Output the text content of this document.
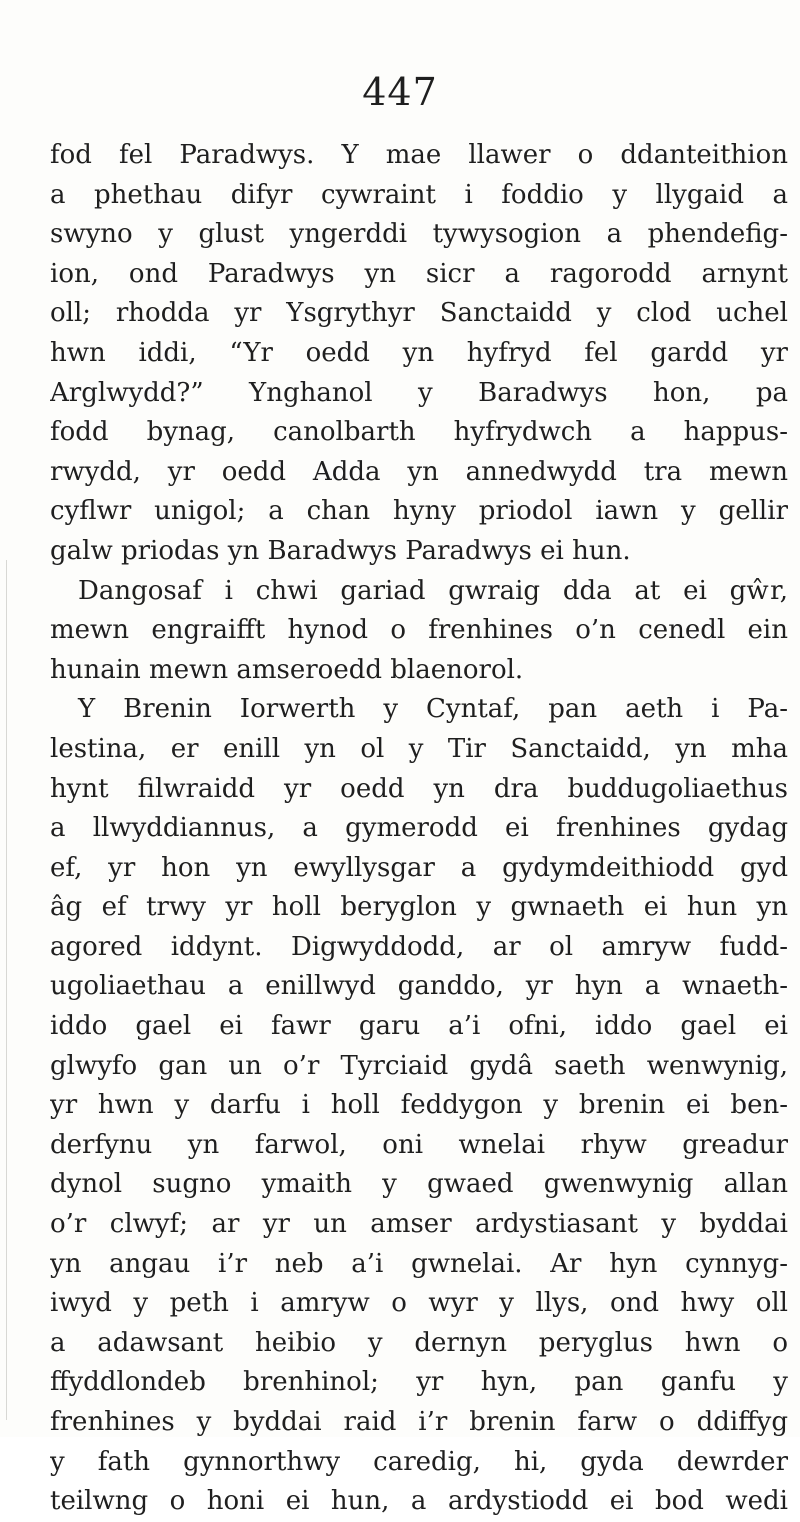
447
fod fel Paradwys. Y mae llawer o ddanteithion
a phethau difyr cywraint i foddio y llygaid a
swyno y glust yngerddi tywysogion a phendefig-
ion, ond Paradwys yn sicr a ragorodd arnynt
oll; rhodda yr Ysgrythyr Sanctaidd y clod uchel
hwn iddi, “Yr oedd yn hyfryd fel gardd yr
Arglwydd?” Ynghanol y Baradwys hon, pa
fodd bynag, canolbarth hyfrydwch a happus-
rwydd, yr oedd Adda yn annedwydd tra mewn
cyflwr unigol; a chan hyny priodol iawn y gellir
galw priodas yn Baradwys Paradwys ei hun.
Dangosaf i chwi gariad gwraig dda at ei gŵr,
mewn engraifft hynod o frenhines o’n cenedl ein
hunain mewn amseroedd blaenorol.
Y Brenin Iorwerth y Cyntaf, pan aeth i Pa-
lestina, er enill yn ol y Tir Sanctaidd, yn mha
hynt filwraidd yr oedd yn dra buddugoliaethus
a llwyddiannus, a gymerodd ei frenhines gydag
ef, yr hon yn ewyllysgar a gydymdeithiodd gyd
âg ef trwy yr holl beryglon y gwnaeth ei hun yn
agored iddynt. Digwyddodd, ar ol amryw fudd-
ugoliaethau a enillwyd ganddo, yr hyn a wnaeth-
iddo gael ei fawr garu a’i ofni, iddo gael ei
glwyfo gan un o’r Tyrciaid gydâ saeth wenwynig,
yr hwn y darfu i holl feddygon y brenin ei ben-
derfynu yn farwol, oni wnelai rhyw greadur
dynol sugno ymaith y gwaed gwenwynig allan
o’r clwyf; ar yr un amser ardystiasant y byddai
yn angau i’r neb a’i gwnelai. Ar hyn cynnyg-
iwyd y peth i amryw o wyr y llys, ond hwy oll
a adawsant heibio y dernyn peryglus hwn o
ffyddlondeb brenhinol; yr hyn, pan ganfu y
frenhines y byddai raid i’r brenin farw o ddiffyg
y fath gynnorthwy caredig, hi, gyda dewrder
teilwng o honi ei hun, a ardystiodd ei bod wedi
